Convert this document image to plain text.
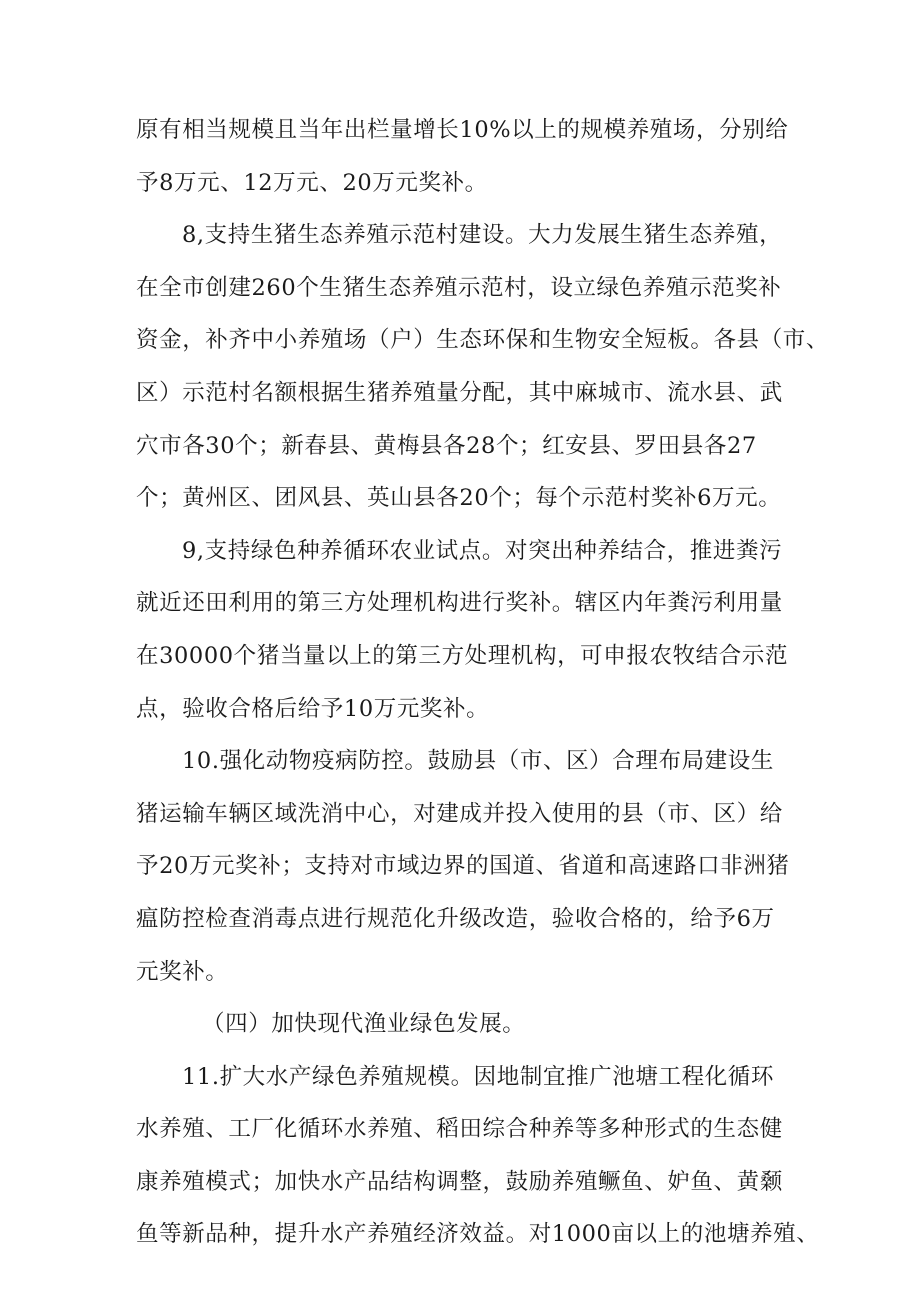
原有相当规模且当年出栏量增长10%以上的规模养殖场，分别给
予8万元、12万元、20万元奖补。
8,支持生猪生态养殖示范村建设。大力发展生猪生态养殖，
在全市创建260个生猪生态养殖示范村，设立绿色养殖示范奖补
资金，补齐中小养殖场（户）生态环保和生物安全短板。各县（市、
区）示范村名额根据生猪养殖量分配，其中麻城市、流水县、武
穴市各30个；新春县、黄梅县各28个；红安县、罗田县各27
个；黄州区、团风县、英山县各20个；每个示范村奖补6万元。
9,支持绿色种养循环农业试点。对突出种养结合，推进粪污
就近还田利用的第三方处理机构进行奖补。辖区内年粪污利用量
在30000个猪当量以上的第三方处理机构，可申报农牧结合示范
点，验收合格后给予10万元奖补。
10.强化动物疫病防控。鼓励县（市、区）合理布局建设生
猪运输车辆区域洗消中心，对建成并投入使用的县（市、区）给
予20万元奖补；支持对市域边界的国道、省道和高速路口非洲猪
瘟防控检查消毒点进行规范化升级改造，验收合格的，给予6万
元奖补。
（四）加快现代渔业绿色发展。
11.扩大水产绿色养殖规模。因地制宜推广池塘工程化循环
水养殖、工厂化循环水养殖、稻田综合种养等多种形式的生态健
康养殖模式；加快水产品结构调整，鼓励养殖鳜鱼、妒鱼、黄颡
鱼等新品种，提升水产养殖经济效益。对1000亩以上的池塘养殖、
